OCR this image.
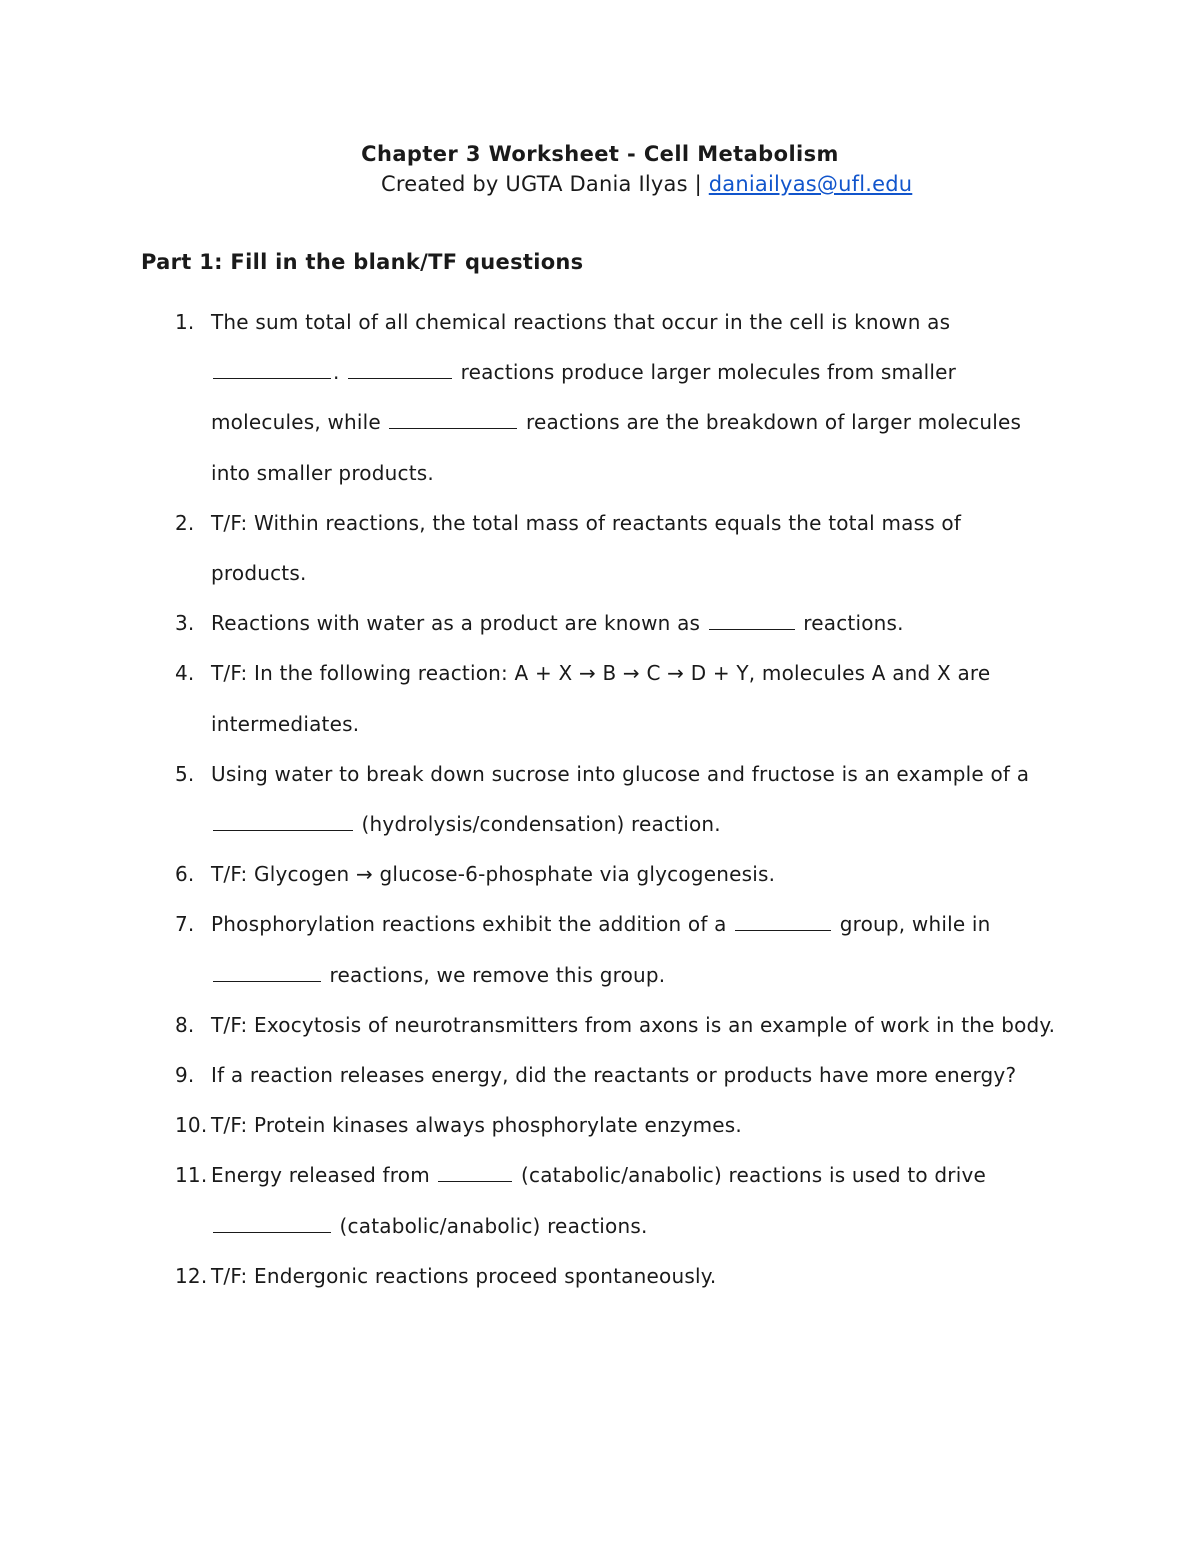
Chapter 3 Worksheet - Cell Metabolism
Created by UGTA Dania Ilyas | daniailyas@ufl.edu
Part 1: Fill in the blank/TF questions
1. The sum total of all chemical reactions that occur in the cell is known as .	reactions produce larger molecules from smaller molecules, while	reactions are the breakdown of larger molecules into smaller products.
2. T/F: Within reactions, the total mass of reactants equals the total mass of products.
3. Reactions with water as a product are known as	reactions.
4. T/F: In the following reaction: A + X → B → C → D + Y, molecules A and X are intermediates.
5. Using water to break down sucrose into glucose and fructose is an example of a  (hydrolysis/condensation) reaction.
6. T/F: Glycogen → glucose-6-phosphate via glycogenesis.
7. Phosphorylation reactions exhibit the addition of a	group, while in  reactions, we remove this group.
8. T/F: Exocytosis of neurotransmitters from axons is an example of work in the body.
9. If a reaction releases energy, did the reactants or products have more energy?
10. T/F: Protein kinases always phosphorylate enzymes.
11. Energy released from	(catabolic/anabolic) reactions is used to drive  (catabolic/anabolic) reactions.
12. T/F: Endergonic reactions proceed spontaneously.
